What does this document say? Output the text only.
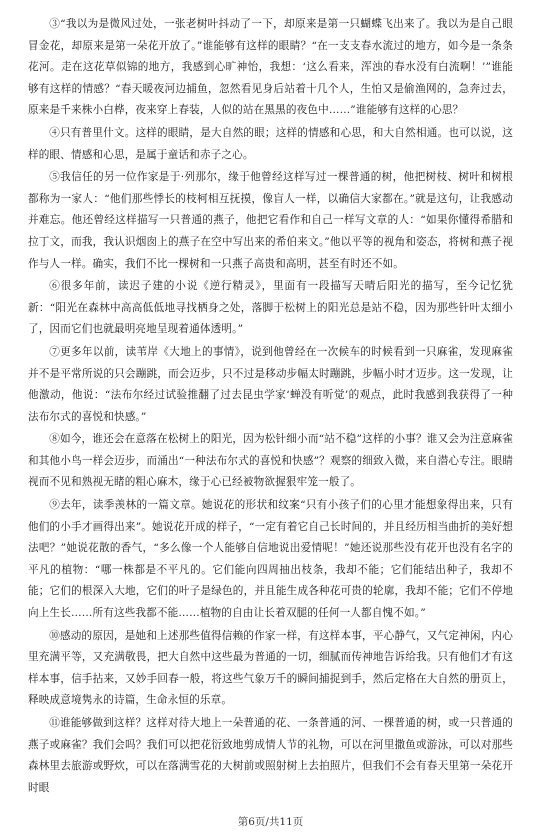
③“我以为是微风过处，一张老树叶抖动了一下，却原来是第一只蝴蝶飞出来了。我以为是自己眼冒金花，却原来是第一朵花开放了。”谁能够有这样的眼睛？“在一支支春水流过的地方，如今是一条条花河。走在这花草似锦的地方，我感到心旷神怡，我想：‘这么看来，浑浊的春水没有白流啊！’”谁能够有这样的情感？“春天暖夜河边捕鱼，忽然看见身后站着十几个人，生怕又是偷渔网的，急奔过去，原来是千来株小白桦，夜来穿上春装，人似的站在黑黑的夜色中……”谁能够有这样的心思？

④只有普里什文。这样的眼睛，是大自然的眼；这样的情感和心思，和大自然相通。也可以说，这样的眼、情感和心思，是属于童话和赤子之心。

⑤我信任的另一位作家是于·列那尔，缘于他曾经这样写过一棵普通的树，他把树枝、树叶和树根都称为一家人：“他们那些悸长的枝柯相互抚摸，像盲人一样，以确信大家都在。”就是这句，让我感动并难忘。他还曾经这样描写一只普通的燕子，他把它看作和自己一样写文章的人：“如果你懂得希腊和拉丁文，而我，我认识烟囱上的燕子在空中写出来的希伯来文。”他以平等的视角和姿态，将树和燕子视作与人一样。确实，我们不比一棵树和一只燕子高贵和高明，甚至有时还不如。

⑥很多年前，读迟子建的小说《逆行精灵》，里面有一段描写天晴后阳光的描写，至今记忆犹新：“阳光在森林中高高低低地寻找栖身之处，落脚于松树上的阳光总是站不稳，因为那些针叶太细小了，因而它们也就最明亮地呈现着通体透明。”

⑦更多年以前，读苇岸《大地上的事情》，说到他曾经在一次候车的时候看到一只麻雀，发现麻雀并不是平常所说的只会蹦跳，而会迈步，只不过是移动步幅太时蹦跳，步幅小时才迈步。这一发现，让他激动，他说：“法布尔经过试验推翻了过去昆虫学家‘蝉没有听觉’的观点，此时我感到我获得了一种法布尔式的喜悦和快感。”

⑧如今，谁还会在意落在松树上的阳光，因为松针细小而“站不稳”这样的小事？谁又会为注意麻雀和其他小鸟一样会迈步，而涌出“一种法布尔式的喜悦和快感”？观察的细致入微，来自潜心专注。眼睛视而不见和熟视无睹的粗心麻木，缘于心已经被物欲握狠牢笼一般了。

⑨去年，读季羡林的一篇文章。她说花的形状和纹案“只有小孩子们的心里才能想象得出来，只有他们的小手才画得出来”。她说花开成的样子，“一定有着它自己长时间的，并且经历相当曲折的美好想法吧？”她说花散的香气，“多么像一个人能够自信地说出爱情呢！”她还说那些没有花开也没有名字的平凡的植物：“哪一株都是不平凡的。它们能向四周抽出枝条，我却不能；它们能结出种子，我却不能；它们的根深入大地，它们的叶子是绿色的，并且能生成各种花可贵的轮廓，我却不能；它们不停地向上生长……所有这些我都不能……植物的自由让长着双腿的任何一人都自愧不如。”

⑩感动的原因，是她和上述那些值得信赖的作家一样，有这样本事，平心静气，又气定神闲，内心里充满平等，又充满敬畏，把大自然中这些最为普通的一切，细腻而传神地告诉给我。只有他们才有这样本事，信手拈来，又妙手回春一般，将这些气象万千的瞬间捕捉到手，然后定格在大自然的册页上，释映成意境隽永的诗篇，生命永恒的乐章。

⑪谁能够做到这样？这样对待大地上一朵普通的花、一条普通的河、一棵普通的树，或一只普通的燕子或麻雀？我们会吗？我们可以把花衍致地剪成情人节的礼物，可以在河里撒鱼或游泳，可以对那些森林里去旅游或野炊，可以在落满雪花的大树前或照射树上去拍照片，但我们不会有春天里第一朵花开时眼

第6页/共11页
